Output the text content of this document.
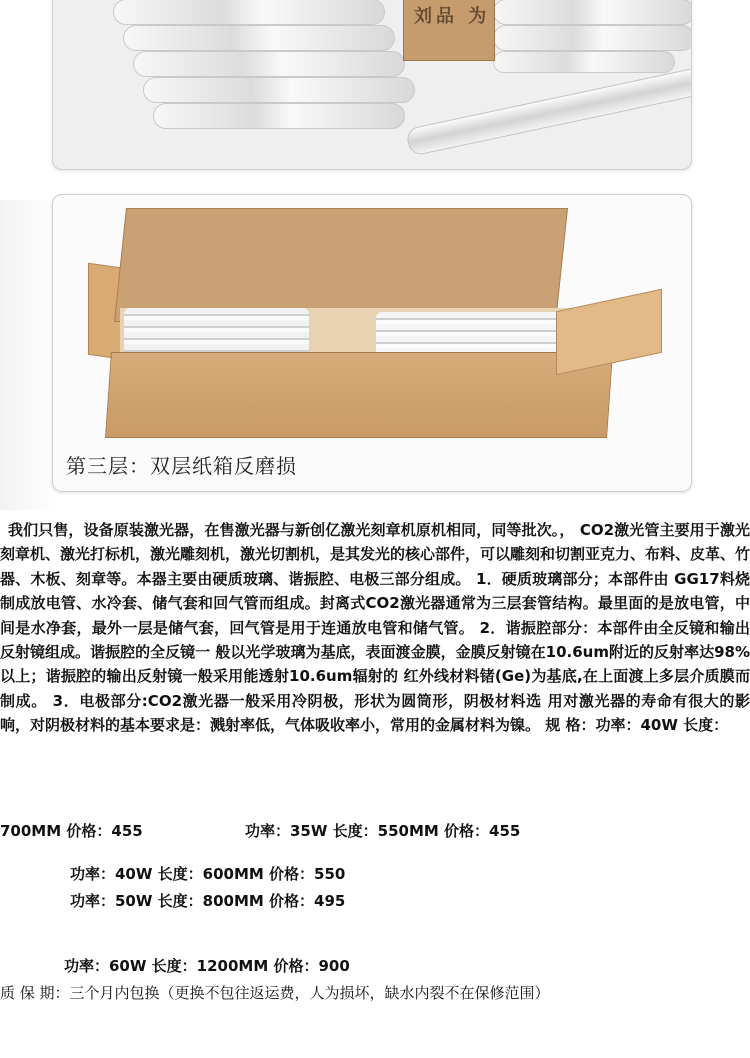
刘品 为
第三层：双层纸箱反磨损

我们只售，设备原装激光器，在售激光器与新创亿激光刻章机原机相同，同等批次。， CO2激光管主要用于激光刻章机、激光打标机，激光雕刻机，激光切割机，是其发光的核心部件，可以雕刻和切割亚克力、布料、皮革、竹器、木板、刻章等。本器主要由硬质玻璃、谐振腔、电极三部分组成。 1．硬质玻璃部分；本部件由 GG17料烧制成放电管、水冷套、储气套和回气管而组成。封离式CO2激光器通常为三层套管结构。最里面的是放电管，中间是水净套，最外一层是储气套，回气管是用于连通放电管和储气管。 2．谐振腔部分：本部件由全反镜和输出反射镜组成。谐振腔的全反镜一 般以光学玻璃为基底，表面渡金膜，金膜反射镜在10.6um附近的反射率达98%以上；谐振腔的输出反射镜一般采用能透射10.6um辐射的 红外线材料锗(Ge)为基底,在上面渡上多层介质膜而制成。 3．电极部分:CO2激光器一般采用冷阴极，形状为圆筒形，阴极材料选 用对激光器的寿命有很大的影响，对阴极材料的基本要求是：溅射率低，气体吸收率小，常用的金属材料为镍。 规 格：功率：40W 长度：

700MM 价格：455	功率：35W 长度：550MM 价格：455
功率：40W 长度：600MM 价格：550
功率：50W 长度：800MM 价格：495
功率：60W 长度：1200MM 价格：900
质 保 期：三个月内包换（更换不包往返运费，人为损坏，缺水内裂不在保修范围）
